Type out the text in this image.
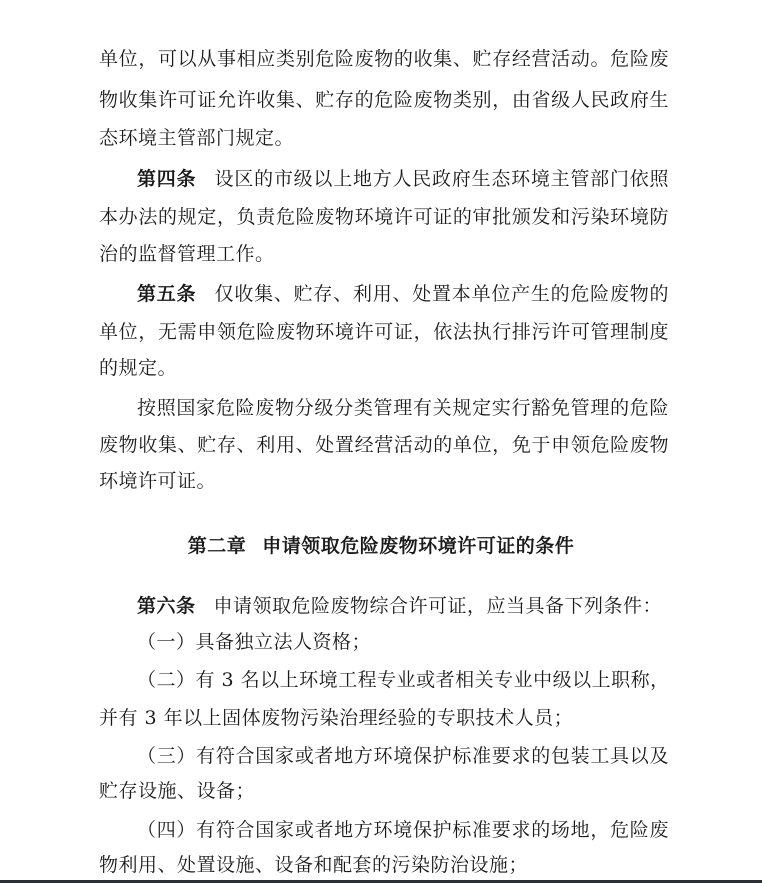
单位，可以从事相应类别危险废物的收集、贮存经营活动。危险废
物收集许可证允许收集、贮存的危险废物类别，由省级人民政府生
态环境主管部门规定。
第四条 设区的市级以上地方人民政府生态环境主管部门依照
本办法的规定，负责危险废物环境许可证的审批颁发和污染环境防
治的监督管理工作。
第五条 仅收集、贮存、利用、处置本单位产生的危险废物的
单位，无需申领危险废物环境许可证，依法执行排污许可管理制度
的规定。
按照国家危险废物分级分类管理有关规定实行豁免管理的危险
废物收集、贮存、利用、处置经营活动的单位，免于申领危险废物
环境许可证。
第二章 申请领取危险废物环境许可证的条件
第六条 申请领取危险废物综合许可证，应当具备下列条件：
（一）具备独立法人资格；
（二）有 3 名以上环境工程专业或者相关专业中级以上职称，
并有 3 年以上固体废物污染治理经验的专职技术人员；
（三）有符合国家或者地方环境保护标准要求的包装工具以及
贮存设施、设备；
（四）有符合国家或者地方环境保护标准要求的场地，危险废
物利用、处置设施、设备和配套的污染防治设施；
